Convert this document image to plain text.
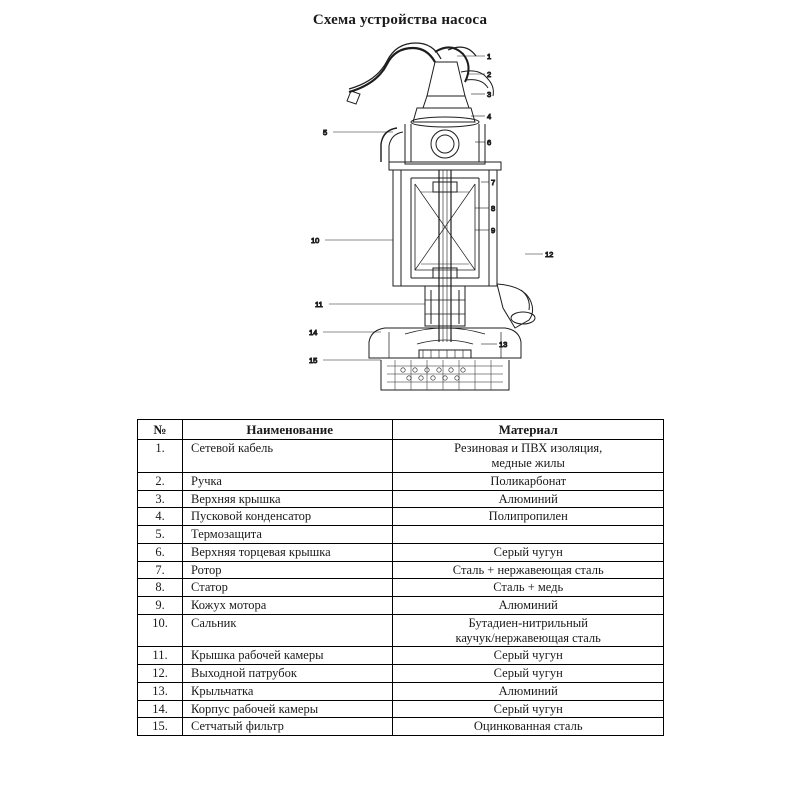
Схема устройства насоса
1
2
3
4
6
7
8
9
12
13
5
10
11
14
15
№	Наименование	Материал
1.	Сетевой кабель	Резиновая и ПВХ изоляция,
медные жилы
2.	Ручка	Поликарбонат
3.	Верхняя крышка	Алюминий
4.	Пусковой конденсатор	Полипропилен
5.	Термозащита	
6.	Верхняя торцевая крышка	Серый чугун
7.	Ротор	Сталь + нержавеющая сталь
8.	Статор	Сталь + медь
9.	Кожух мотора	Алюминий
10.	Сальник	Бутадиен-нитрильный
каучук/нержавеющая сталь
11.	Крышка рабочей камеры	Серый чугун
12.	Выходной патрубок	Серый чугун
13.	Крыльчатка	Алюминий
14.	Корпус рабочей камеры	Серый чугун
15.	Сетчатый фильтр	Оцинкованная сталь
